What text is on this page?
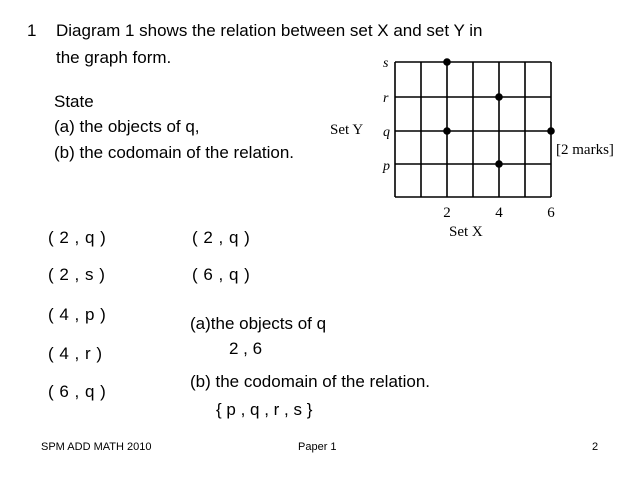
1 Diagram 1 shows the relation between set X and set Y in
the graph form.
State
(a) the objects of q,
(b) the codomain of the relation.
s
r
q
p
2	4	6
Set Y
Set X
[2 marks]
( 2 , q )
( 2 , s )
( 4 , p )
( 4 , r )
( 6 , q )
( 2 , q )
( 6 , q )
(a)the objects of q
2 , 6
(b) the codomain of the relation.
{ p , q , r , s }
SPM ADD MATH 2010	Paper 1	2
